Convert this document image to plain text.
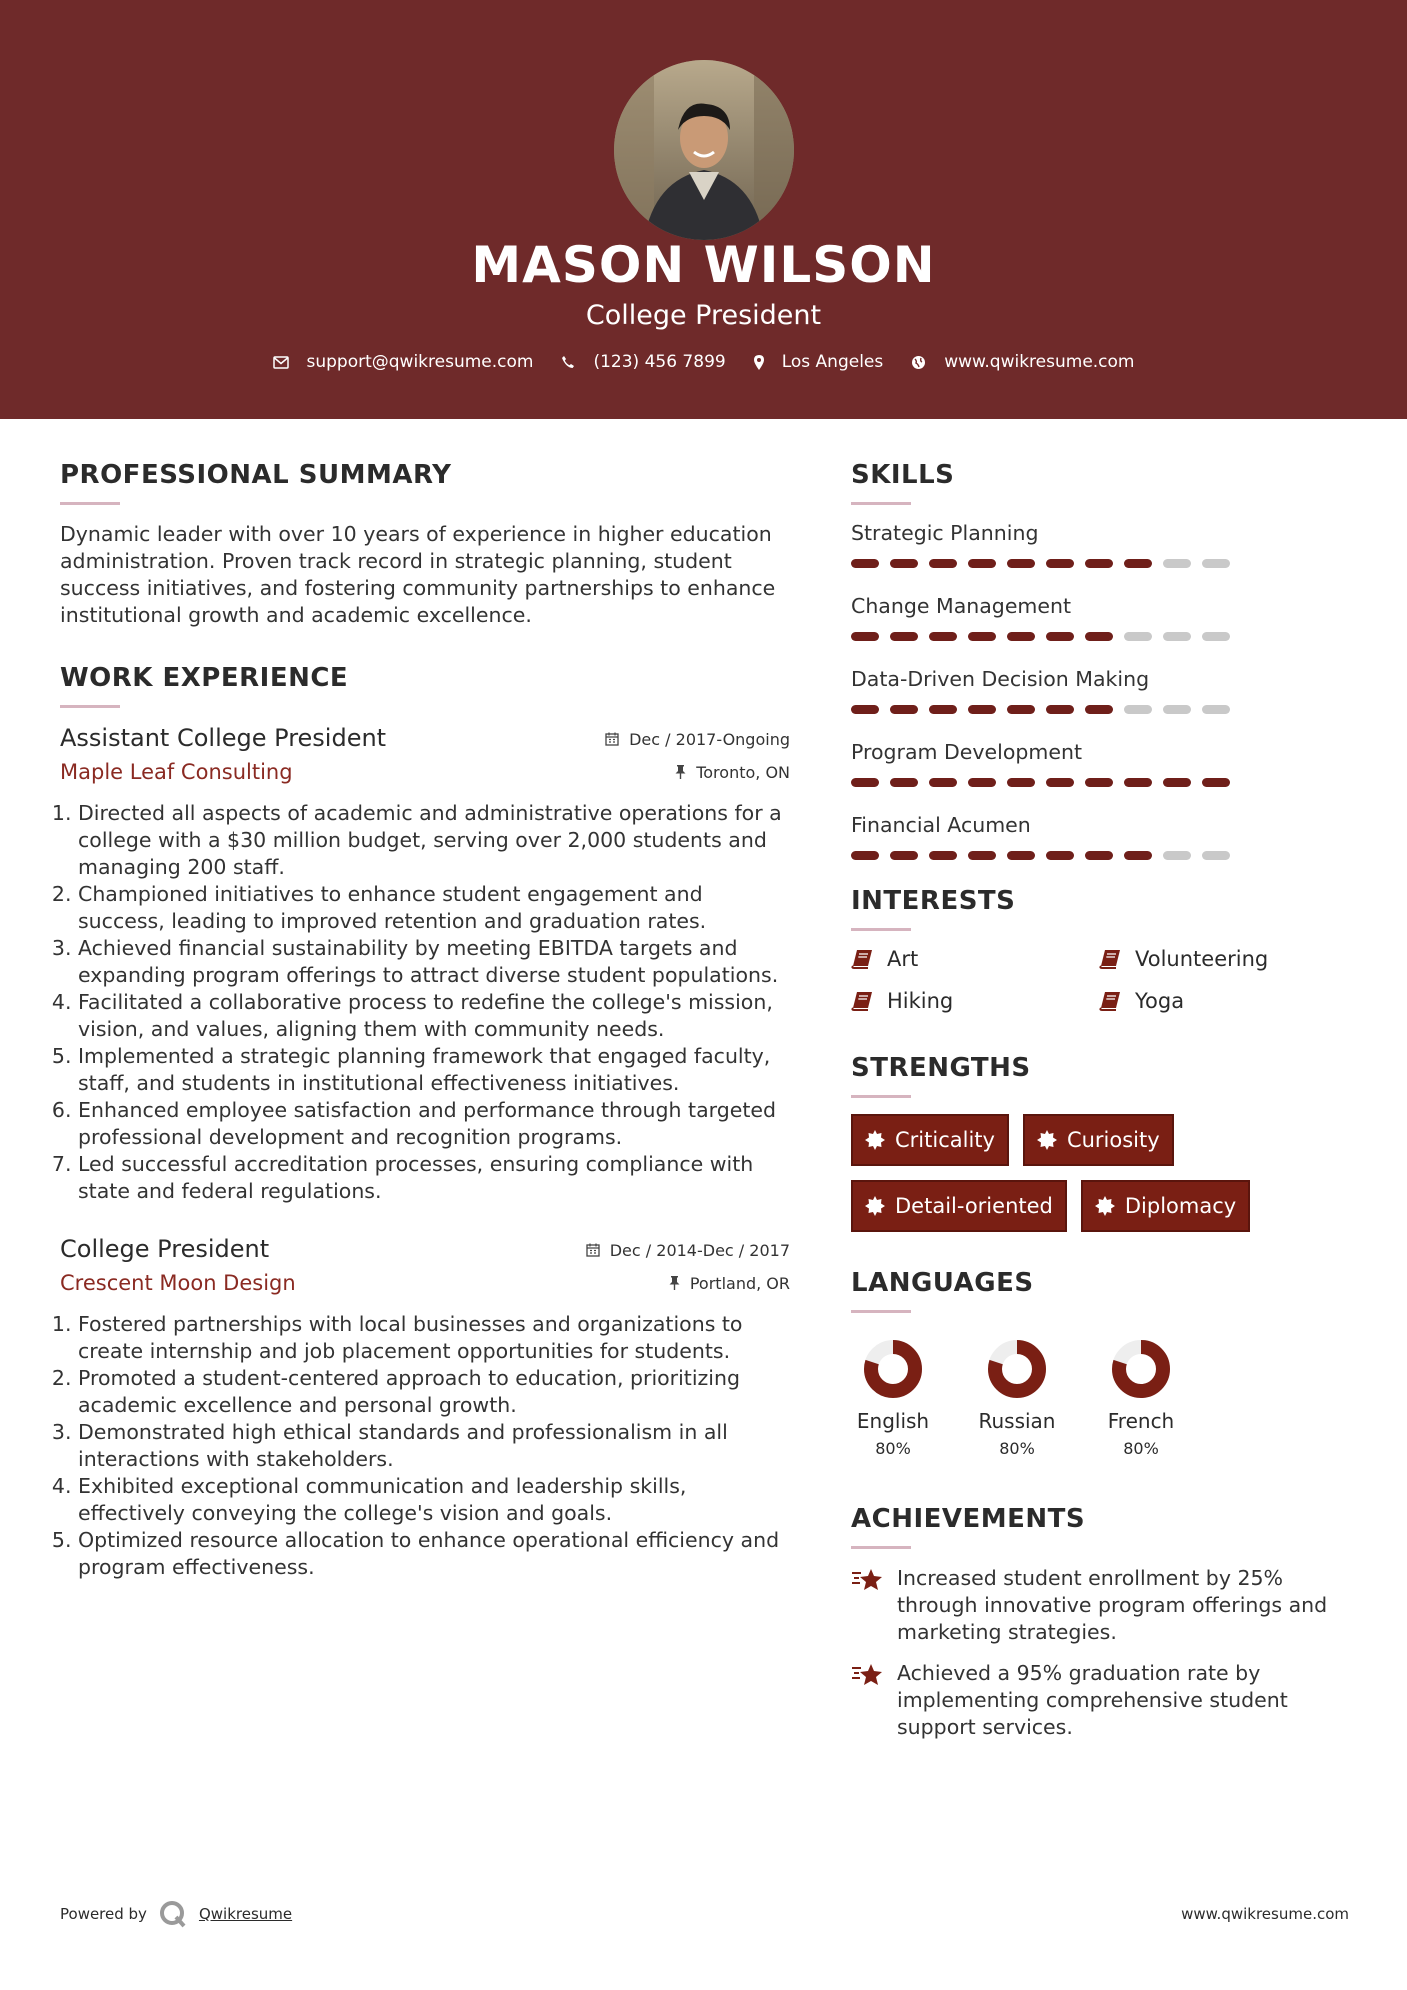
MASON WILSON
College President
support@qwikresume.com	(123) 456 7899	Los Angeles	www.qwikresume.com
PROFESSIONAL SUMMARY

Dynamic leader with over 10 years of experience in higher education administration. Proven track record in strategic planning, student success initiatives, and fostering community partnerships to enhance institutional growth and academic excellence.

WORK EXPERIENCE
Assistant College President	Dec / 2017-Ongoing
Maple Leaf Consulting	Toronto, ON
1. Directed all aspects of academic and administrative operations for a college with a $30 million budget, serving over 2,000 students and managing 200 staff.
2. Championed initiatives to enhance student engagement and success, leading to improved retention and graduation rates.
3. Achieved financial sustainability by meeting EBITDA targets and expanding program offerings to attract diverse student populations.
4. Facilitated a collaborative process to redefine the college's mission, vision, and values, aligning them with community needs.
5. Implemented a strategic planning framework that engaged faculty, staff, and students in institutional effectiveness initiatives.
6. Enhanced employee satisfaction and performance through targeted professional development and recognition programs.
7. Led successful accreditation processes, ensuring compliance with state and federal regulations.
College President	Dec / 2014-Dec / 2017
Crescent Moon Design	Portland, OR
1. Fostered partnerships with local businesses and organizations to create internship and job placement opportunities for students.
2. Promoted a student-centered approach to education, prioritizing academic excellence and personal growth.
3. Demonstrated high ethical standards and professionalism in all interactions with stakeholders.
4. Exhibited exceptional communication and leadership skills, effectively conveying the college's vision and goals.
5. Optimized resource allocation to enhance operational efficiency and program effectiveness.
SKILLS
Strategic Planning
Change Management
Data-Driven Decision Making
Program Development
Financial Acumen
INTERESTS
Art	Volunteering
Hiking	Yoga
STRENGTHS
Criticality	Curiosity
Detail-oriented	Diplomacy
LANGUAGES
English
80%
Russian
80%
French
80%
ACHIEVEMENTS
Increased student enrollment by 25% through innovative program offerings and marketing strategies.
Achieved a 95% graduation rate by implementing comprehensive student support services.
Powered by	Qwikresume	www.qwikresume.com
